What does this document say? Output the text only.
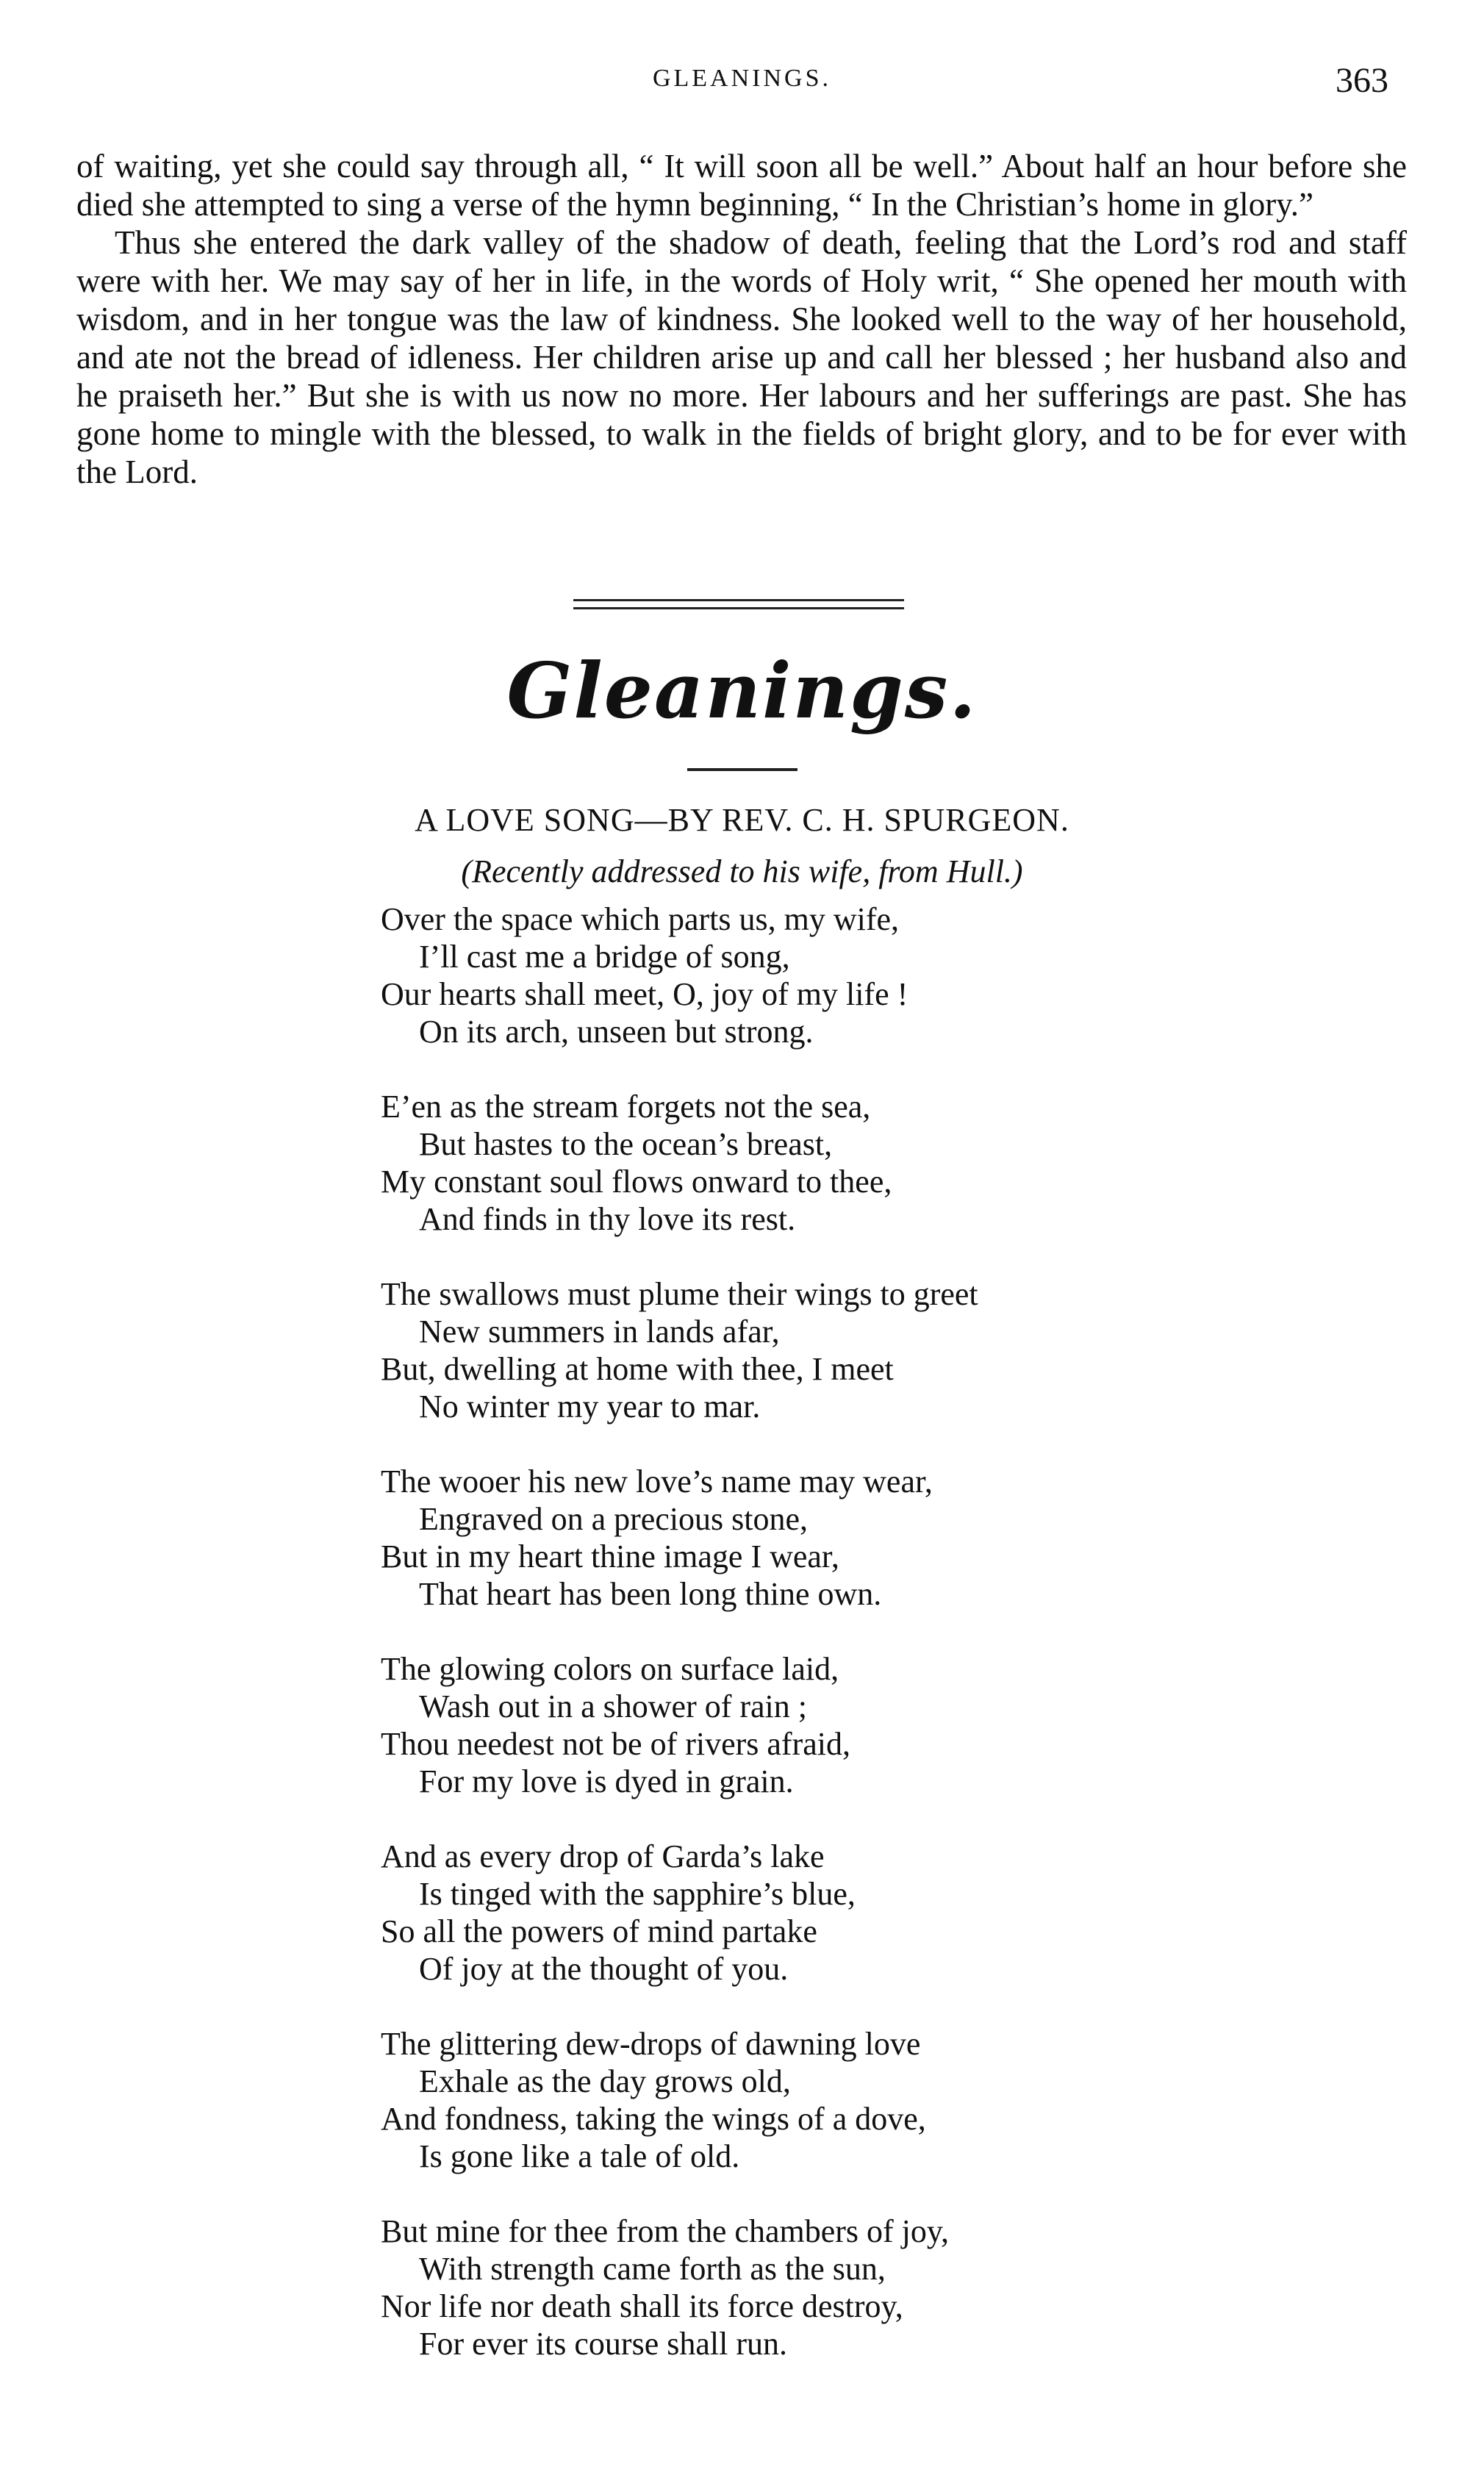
GLEANINGS.	363

of waiting, yet she could say through all, “ It will soon all be well.” About half an hour before she died she attempted to sing a verse of the hymn beginning, “ In the Christian’s home in glory.”

Thus she entered the dark valley of the shadow of death, feeling that the Lord’s rod and staff were with her. We may say of her in life, in the words of Holy writ, “ She opened her mouth with wisdom, and in her tongue was the law of kindness. She looked well to the way of her household, and ate not the bread of idleness. Her children arise up and call her blessed ; her husband also and he praiseth her.” But she is with us now no more. Her labours and her sufferings are past. She has gone home to mingle with the blessed, to walk in the fields of bright glory, and to be for ever with the Lord.

Gleanings.
A LOVE SONG—BY REV. C. H. SPURGEON.
(Recently addressed to his wife, from Hull.)
Over the space which parts us, my wife,
I’ll cast me a bridge of song,
Our hearts shall meet, O, joy of my life !
On its arch, unseen but strong.
E’en as the stream forgets not the sea,
But hastes to the ocean’s breast,
My constant soul flows onward to thee,
And finds in thy love its rest.
The swallows must plume their wings to greet
New summers in lands afar,
But, dwelling at home with thee, I meet
No winter my year to mar.
The wooer his new love’s name may wear,
Engraved on a precious stone,
But in my heart thine image I wear,
That heart has been long thine own.
The glowing colors on surface laid,
Wash out in a shower of rain ;
Thou needest not be of rivers afraid,
For my love is dyed in grain.
And as every drop of Garda’s lake
Is tinged with the sapphire’s blue,
So all the powers of mind partake
Of joy at the thought of you.
The glittering dew-drops of dawning love
Exhale as the day grows old,
And fondness, taking the wings of a dove,
Is gone like a tale of old.
But mine for thee from the chambers of joy,
With strength came forth as the sun,
Nor life nor death shall its force destroy,
For ever its course shall run.
